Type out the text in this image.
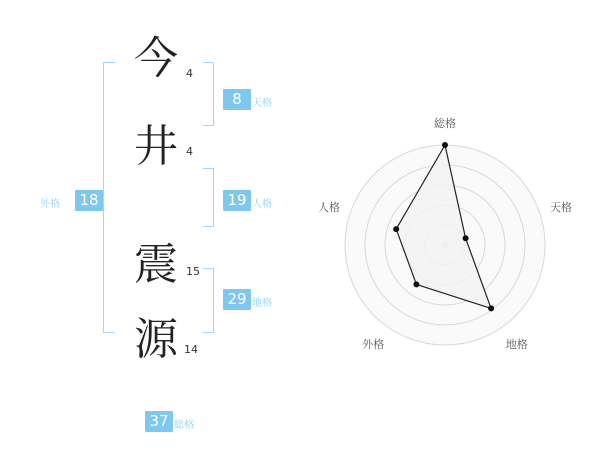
今 4
井 4
震 15
源 14
8	天格
19 人格
29 地格
18
外格
37 総格
総格
天格
地格
外格
人格
